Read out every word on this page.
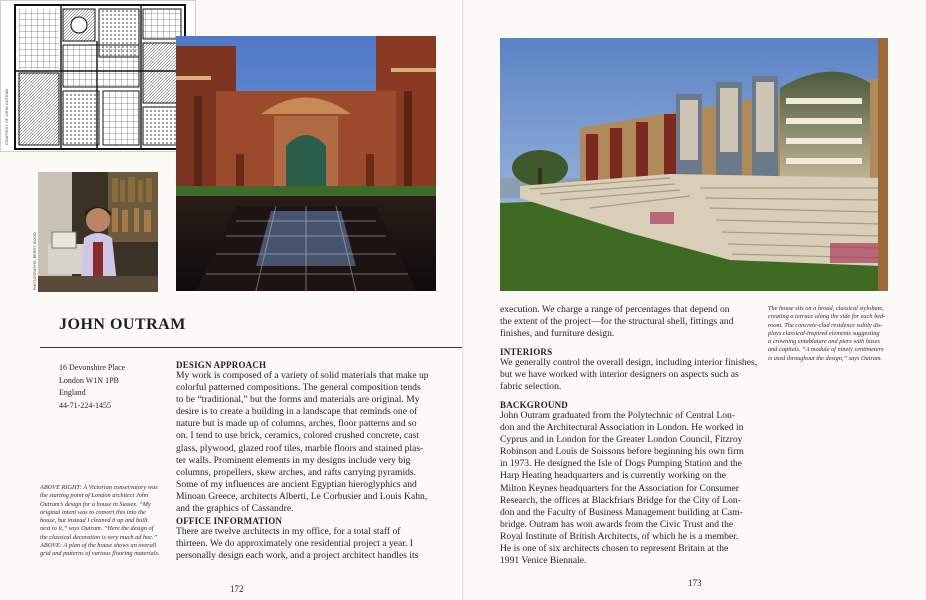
COURTESY OF JOHN OUTRAM
PHOTOGRAPHS: BERRY WOOD
JOHN OUTRAM
16 Devonshire Place
London W1N 1PB
England
44-71-224-1455
ABOVE RIGHT: A Victorian conservatory was
the starting point of London architect John
Outram’s design for a house in Sussex. “My
original intent was to convert this into the
house, but instead I cleaned it up and built
next to it,” says Outram. “Here the design of
the classical decoration is very much ad hoc.”
ABOVE: A plan of the house shows an overall
grid and patterns of various flooring materials.
DESIGN APPROACH
My work is composed of a variety of solid materials that make up
colorful patterned compositions. The general composition tends
to be “traditional,” but the forms and materials are original. My
desire is to create a building in a landscape that reminds one of
nature but is made up of columns, arches, floor patterns and so
on. I tend to use brick, ceramics, colored crushed concrete, cast
glass, plywood, glazed roof tiles, marble floors and stained plas-
ter walls. Prominent elements in my designs include very big
columns, propellers, skew arches, and rafts carrying pyramids.
Some of my influences are ancient Egyptian hieroglyphics and
Minoan Greece, architects Alberti, Le Corbusier and Louis Kahn,
and the graphics of Cassandre.
OFFICE INFORMATION
There are twelve architects in my office, for a total staff of
thirteen. We do approximately one residential project a year. I
personally design each work, and a project architect handles its
172
execution. We charge a range of percentages that depend on
the extent of the project—for the structural shell, fittings and
finishes, and furniture design.
INTERIORS
We generally control the overall design, including interior finishes,
but we have worked with interior designers on aspects such as
fabric selection.
BACKGROUND
John Outram graduated from the Polytechnic of Central Lon-
don and the Architectural Association in London. He worked in
Cyprus and in London for the Greater London Council, Fitzroy
Robinson and Louis de Soissons before beginning his own firm
in 1973. He designed the Isle of Dogs Pumping Station and the
Harp Heating headquarters and is currently working on the
Milton Keynes headquarters for the Association for Consumer
Research, the offices at Blackfriars Bridge for the City of Lon-
don and the Faculty of Business Management building at Cam-
bridge. Outram has won awards from the Civic Trust and the
Royal Institute of British Architects, of which he is a member.
He is one of six architects chosen to represent Britain at the
1991 Venice Biennale.
The house sits on a broad, classical stylobate,
creating a terrace along the side for each bed-
room. The concrete-clad residence subtly dis-
plays classical-inspired elements suggesting
a crowning entablature and piers with bases
and capitals. “A module of ninety centimeters
is used throughout the design,” says Outram.
173
